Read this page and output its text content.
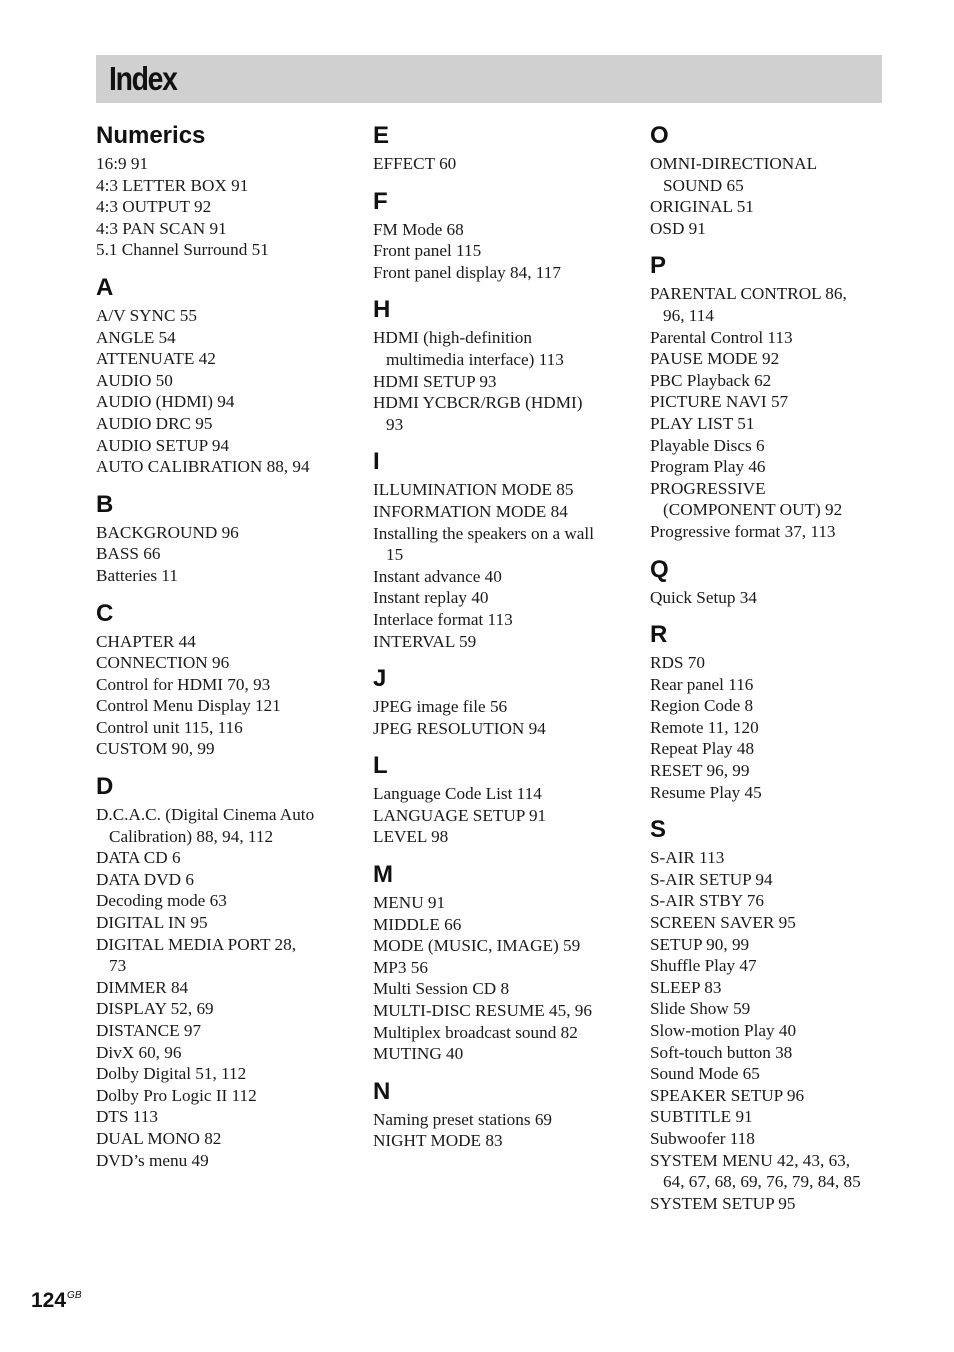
Index
Numerics
16:9 91
4:3 LETTER BOX 91
4:3 OUTPUT 92
4:3 PAN SCAN 91
5.1 Channel Surround 51
A
A/V SYNC 55
ANGLE 54
ATTENUATE 42
AUDIO 50
AUDIO (HDMI) 94
AUDIO DRC 95
AUDIO SETUP 94
AUTO CALIBRATION 88, 94
B
BACKGROUND 96
BASS 66
Batteries 11
C
CHAPTER 44
CONNECTION 96
Control for HDMI 70, 93
Control Menu Display 121
Control unit 115, 116
CUSTOM 90, 99
D
D.C.A.C. (Digital Cinema Auto
Calibration) 88, 94, 112
DATA CD 6
DATA DVD 6
Decoding mode 63
DIGITAL IN 95
DIGITAL MEDIA PORT 28,
73
DIMMER 84
DISPLAY 52, 69
DISTANCE 97
DivX 60, 96
Dolby Digital 51, 112
Dolby Pro Logic II 112
DTS 113
DUAL MONO 82
DVD’s menu 49
E
EFFECT 60
F
FM Mode 68
Front panel 115
Front panel display 84, 117
H
HDMI (high-definition
multimedia interface) 113
HDMI SETUP 93
HDMI YCBCR/RGB (HDMI)
93
I
ILLUMINATION MODE 85
INFORMATION MODE 84
Installing the speakers on a wall
15
Instant advance 40
Instant replay 40
Interlace format 113
INTERVAL 59
J
JPEG image file 56
JPEG RESOLUTION 94
L
Language Code List 114
LANGUAGE SETUP 91
LEVEL 98
M
MENU 91
MIDDLE 66
MODE (MUSIC, IMAGE) 59
MP3 56
Multi Session CD 8
MULTI-DISC RESUME 45, 96
Multiplex broadcast sound 82
MUTING 40
N
Naming preset stations 69
NIGHT MODE 83
O
OMNI-DIRECTIONAL
SOUND 65
ORIGINAL 51
OSD 91
P
PARENTAL CONTROL 86,
96, 114
Parental Control 113
PAUSE MODE 92
PBC Playback 62
PICTURE NAVI 57
PLAY LIST 51
Playable Discs 6
Program Play 46
PROGRESSIVE
(COMPONENT OUT) 92
Progressive format 37, 113
Q
Quick Setup 34
R
RDS 70
Rear panel 116
Region Code 8
Remote 11, 120
Repeat Play 48
RESET 96, 99
Resume Play 45
S
S-AIR 113
S-AIR SETUP 94
S-AIR STBY 76
SCREEN SAVER 95
SETUP 90, 99
Shuffle Play 47
SLEEP 83
Slide Show 59
Slow-motion Play 40
Soft-touch button 38
Sound Mode 65
SPEAKER SETUP 96
SUBTITLE 91
Subwoofer 118
SYSTEM MENU 42, 43, 63,
64, 67, 68, 69, 76, 79, 84, 85
SYSTEM SETUP 95
$124^{GB}$
